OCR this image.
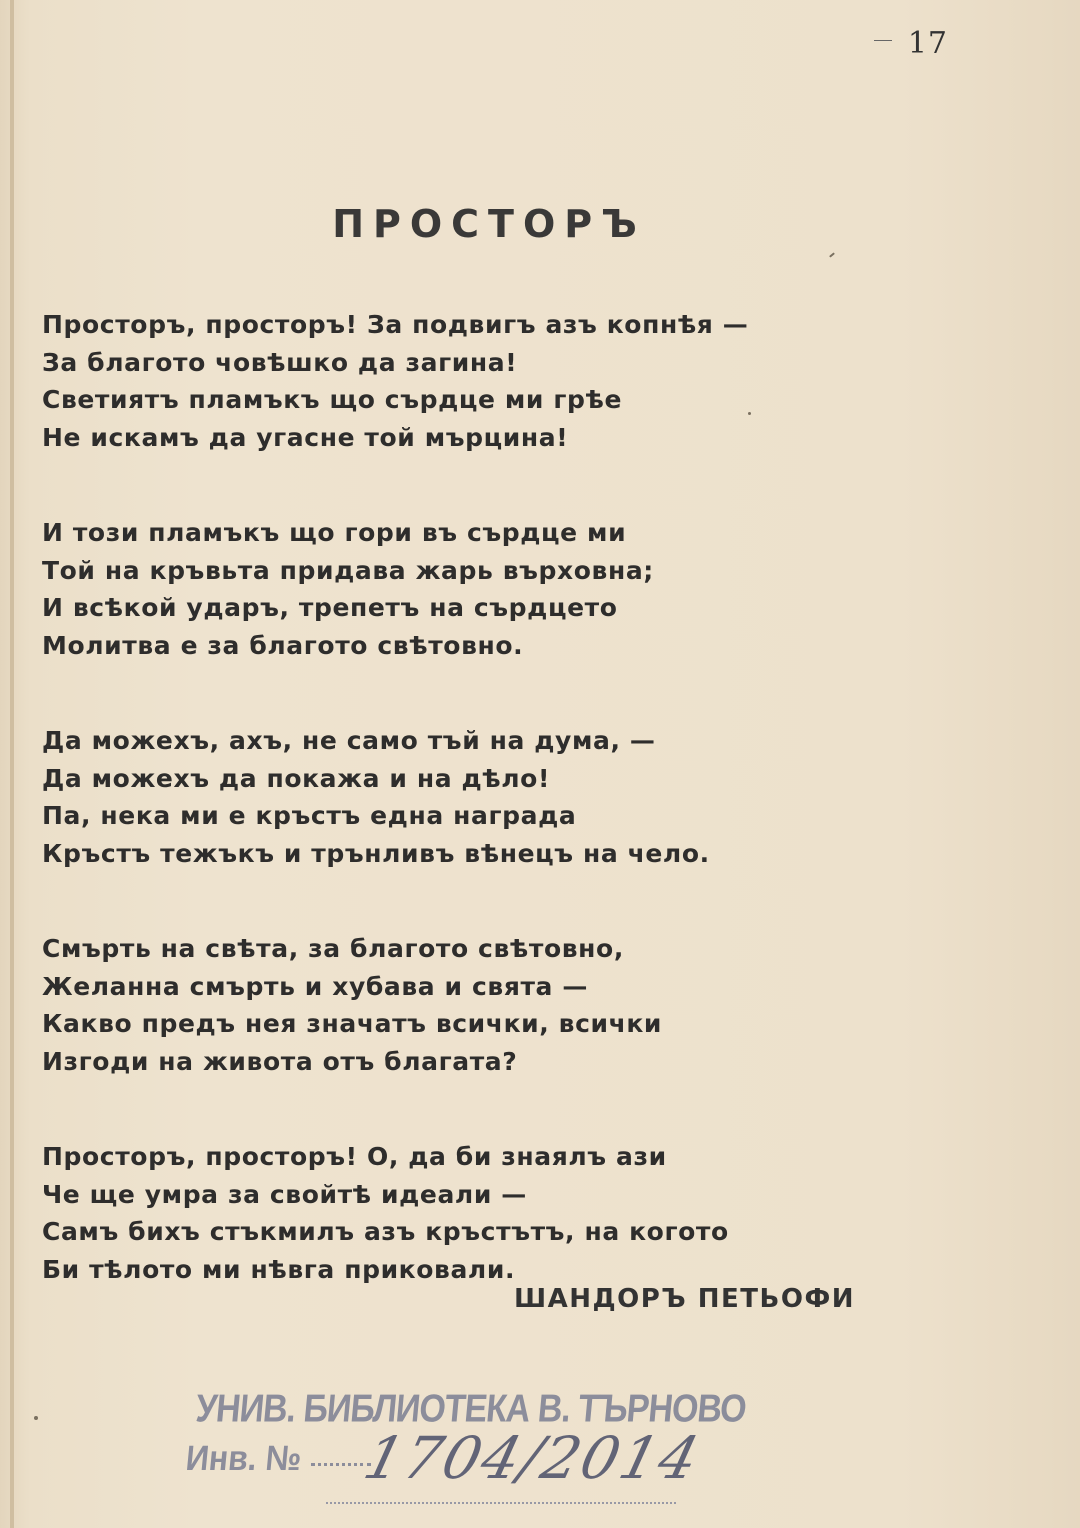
17
ПРОСТОРЪ
Просторъ, просторъ! За подвигъ азъ копнѣя —
За благото човѣшко да загина!
Светиятъ пламъкъ що сърдце ми грѣе
Не искамъ да угасне той мърцина!
И този пламъкъ що гори въ сърдце ми
Той на кръвьта придава жарь върховна;
И всѣкой ударъ, трепетъ на сърдцето
Молитва е за благото свѣтовно.
Да можехъ, ахъ, не само тъй на дума, —
Да можехъ да покажа и на дѣло!
Па, нека ми е кръстъ една награда
Кръстъ тежъкъ и трънливъ вѣнецъ на чело.
Смърть на свѣта, за благото свѣтовно,
Желанна смърть и хубава и свята —
Какво предъ нея значатъ всички, всички
Изгоди на живота отъ благата?
Просторъ, просторъ! О, да би знаялъ ази
Че ще умра за свойтѣ идеали —
Самъ бихъ стъкмилъ азъ кръстътъ, на когото
Би тѣлото ми нѣвга приковали.
ШАНДОРЪ ПЕТЬОФИ
УНИВ. БИБЛИОТЕКА В. ТЪРНОВО
Инв. № 1704/2014
